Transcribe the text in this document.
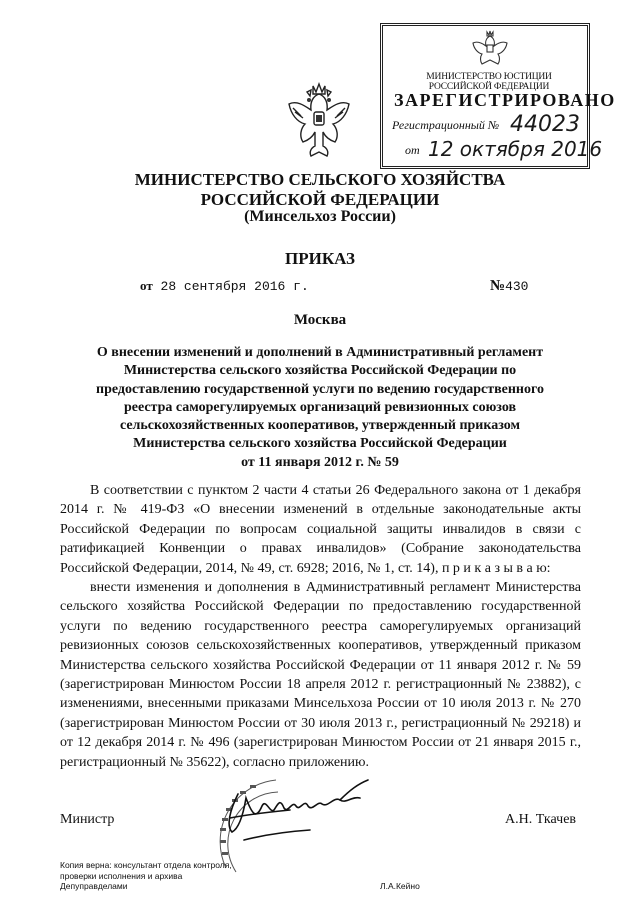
МИНИСТЕРСТВО ЮСТИЦИИ РОССИЙСКОЙ ФЕДЕРАЦИИ
ЗАРЕГИСТРИРОВАНО
Регистрационный № 44023
от 12 октября 2016
МИНИСТЕРСТВО СЕЛЬСКОГО ХОЗЯЙСТВА
РОССИЙСКОЙ ФЕДЕРАЦИИ
(Минсельхоз России)
ПРИКАЗ
от 28 сентября 2016 г.	№430
Москва
О внесении изменений и дополнений в Административный регламент
Министерства сельского хозяйства Российской Федерации по
предоставлению государственной услуги по ведению государственного
реестра саморегулируемых организаций ревизионных союзов
сельскохозяйственных кооперативов, утвержденный приказом
Министерства сельского хозяйства Российской Федерации
от 11 января 2012 г. № 59

В соответствии с пунктом 2 части 4 статьи 26 Федерального закона от 1 декабря 2014 г. № 419-ФЗ «О внесении изменений в отдельные законодательные акты Российской Федерации по вопросам социальной защиты инвалидов в связи с ратификацией Конвенции о правах инвалидов» (Собрание законодательства Российской Федерации, 2014, № 49, ст. 6928; 2016, № 1, ст. 14), п р и к а з ы в а ю:

внести изменения и дополнения в Административный регламент Министерства сельского хозяйства Российской Федерации по предоставлению государственной услуги по ведению государственного реестра саморегулируемых организаций ревизионных союзов сельскохозяйственных кооперативов, утвержденный приказом Министерства сельского хозяйства Российской Федерации от 11 января 2012 г. № 59 (зарегистрирован Минюстом России 18 апреля 2012 г. регистрационный № 23882), с изменениями, внесенными приказами Минсельхоза России от 10 июля 2013 г. № 270 (зарегистрирован Минюстом России от 30 июля 2013 г., регистрационный № 29218) и от 12 декабря 2014 г. № 496 (зарегистрирован Минюстом России от 21 января 2015 г., регистрационный № 35622), согласно приложению.

Министр	А.Н. Ткачев
Копия верна: консультант отдела контроля,
проверки исполнения и архива
Депуправделами	Л.А.Кейно
